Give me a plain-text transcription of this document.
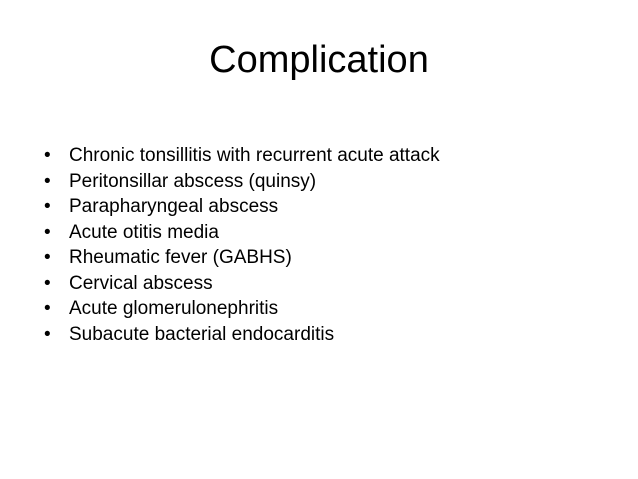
Complication
• Chronic tonsillitis with recurrent acute attack
• Peritonsillar abscess (quinsy)
• Parapharyngeal abscess
• Acute otitis media
• Rheumatic fever (GABHS)
• Cervical abscess
• Acute glomerulonephritis
• Subacute bacterial endocarditis
